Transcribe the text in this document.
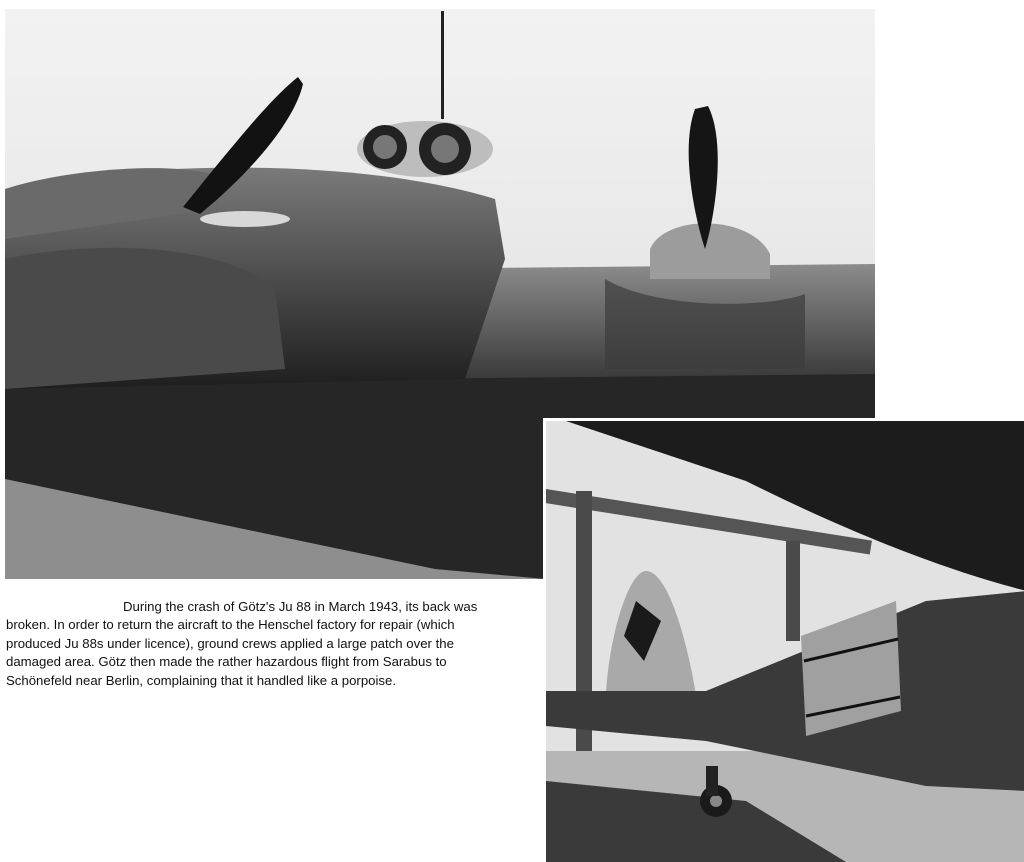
During the crash of Götz's Ju 88 in March 1943, its back was broken. In order to return the aircraft to the Henschel factory for repair (which produced Ju 88s under licence), ground crews applied a large patch over the damaged area. Götz then made the rather hazardous flight from Sarabus to Schönefeld near Berlin, complaining that it handled like a porpoise.
